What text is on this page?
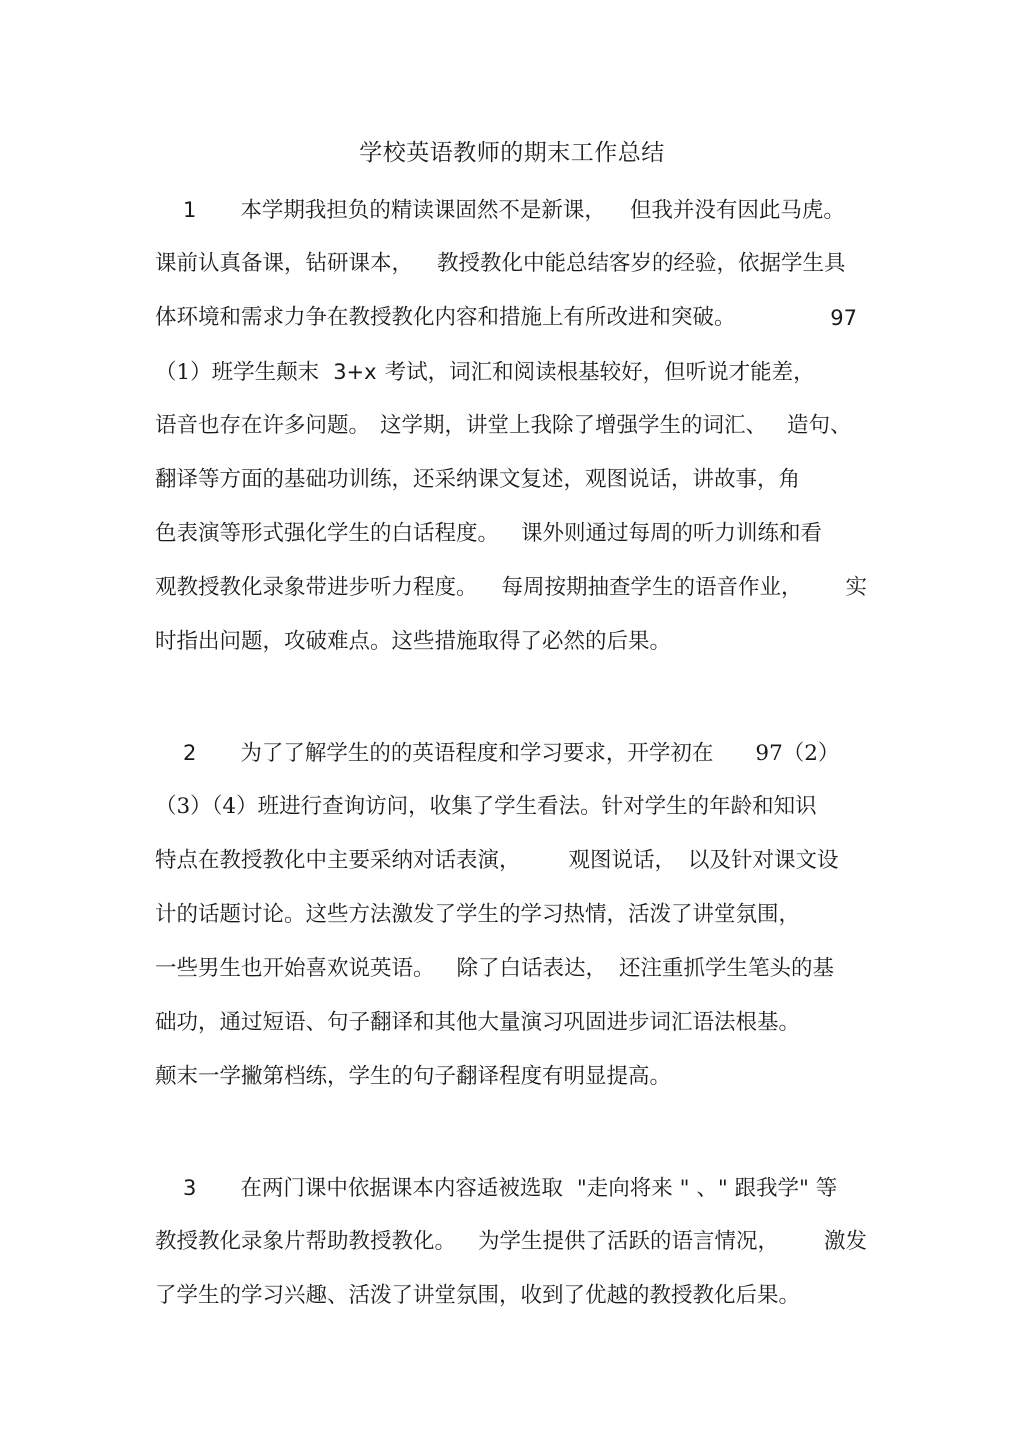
学校英语教师的期末工作总结
1 本学期我担负的精读课固然不是新课， 但我并没有因此马虎。
课前认真备课，钻研课本， 教授教化中能总结客岁的经验，依据学生具
体环境和需求力争在教授教化内容和措施上有所改进和突破。	97
（1）班学生颠末 3+x 考试，词汇和阅读根基较好，但听说才能差，
语音也存在许多问题。 这学期，讲堂上我除了增强学生的词汇、 造句、
翻译等方面的基础功训练，还采纳课文复述，观图说话，讲故事，角
色表演等形式强化学生的白话程度。 课外则通过每周的听力训练和看
观教授教化录象带进步听力程度。 每周按期抽查学生的语音作业， 实
时指出问题，攻破难点。这些措施取得了必然的后果。
2 为了了解学生的的英语程度和学习要求，开学初在 97（2）
（3）（4）班进行查询访问，收集了学生看法。针对学生的年龄和知识
特点在教授教化中主要采纳对话表演， 观图说话， 以及针对课文设
计的话题讨论。这些方法激发了学生的学习热情，活泼了讲堂氛围，
一些男生也开始喜欢说英语。 除了白话表达， 还注重抓学生笔头的基
础功，通过短语、句子翻译和其他大量演习巩固进步词汇语法根基。
颠末一学撇第档练，学生的句子翻译程度有明显提高。
3 在两门课中依据课本内容适被选取 "走向将来 " 、" 跟我学" 等
教授教化录象片帮助教授教化。 为学生提供了活跃的语言情况， 激发
了学生的学习兴趣、活泼了讲堂氛围，收到了优越的教授教化后果。
